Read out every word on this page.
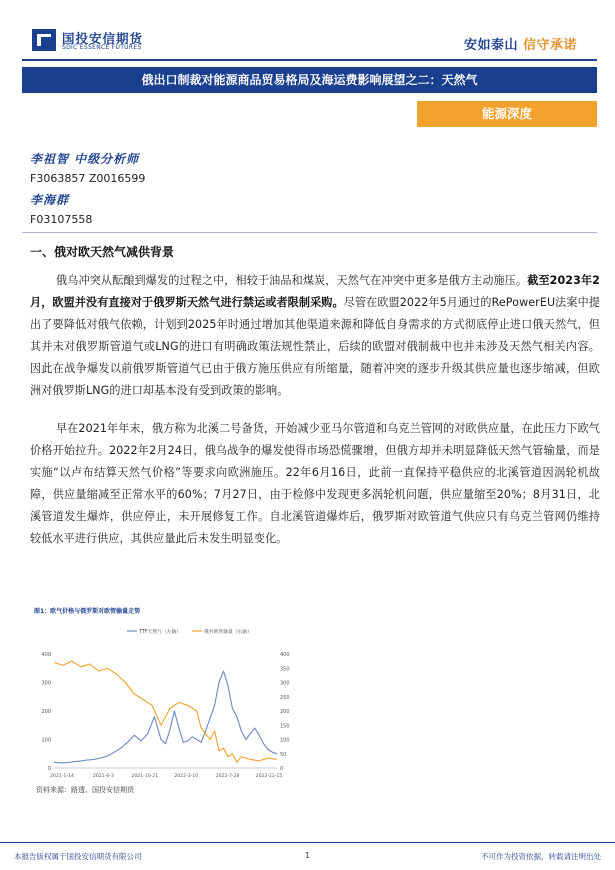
国投安信期货
SDIC ESSENCE FUTURES	安如泰山 信守承诺
俄出口制裁对能源商品贸易格局及海运费影响展望之二：天然气
能源深度
李祖智 中级分析师
F3063857 Z0016599
李海群
F03107558
一、俄对欧天然气减供背景
俄乌冲突从酝酿到爆发的过程之中，相较于油品和煤炭，天然气在冲突中更多是俄方主动施压。截至2023年2月，欧盟并没有直接对于俄罗斯天然气进行禁运或者限制采购。尽管在欧盟2022年5月通过的RePowerEU法案中提出了要降低对俄气依赖，计划到2025年时通过增加其他渠道来源和降低自身需求的方式彻底停止进口俄天然气，但其并未对俄罗斯管道气或LNG的进口有明确政策法规性禁止，后续的欧盟对俄制裁中也并未涉及天然气相关内容。因此在战争爆发以前俄罗斯管道气已由于俄方施压供应有所缩量，随着冲突的逐步升级其供应量也逐步缩减，但欧洲对俄罗斯LNG的进口却基本没有受到政策的影响。
早在2021年年末，俄方称为北溪二号备货，开始减少亚马尔管道和乌克兰管网的对欧供应量，在此压力下欧气价格开始拉升。2022年2月24日，俄乌战争的爆发使得市场恐慌骤增，但俄方却并未明显降低天然气管输量，而是实施“以卢布结算天然气价格”等要求向欧洲施压。22年6月16日，此前一直保持平稳供应的北溪管道因涡轮机故障，供应量缩减至正常水平的60%；7月27日，由于检修中发现更多涡轮机问题，供应量缩至20%；8月31日，北溪管道发生爆炸，供应停止，未开展修复工作。自北溪管道爆炸后，俄罗斯对欧管道气供应只有乌克兰管网仍维持较低水平进行供应，其供应量此后未发生明显变化。
0
100
200
300
400
0
50
100
150
200
250
300
350
400
2021-1-14	2021-6-3	2021-10-21	2022-3-10	2022-7-28	2022-12-15
TTF天然气（左轴）	俄对欧管输量（右轴）
图1：欧气价格与俄罗斯对欧管输量走势
资料来源：路透、国投安信期货
本报告版权属于国投安信期货有限公司	1	不可作为投资依据，转载请注明出处
